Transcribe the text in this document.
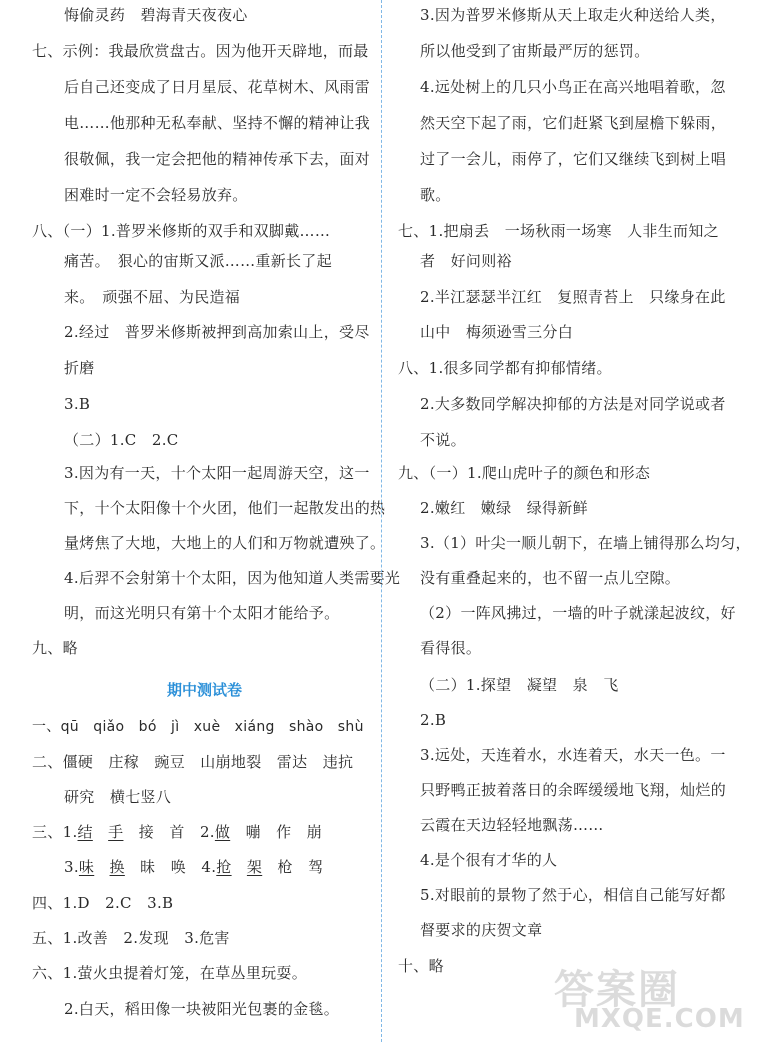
悔偷灵药　碧海青天夜夜心
七、示例：我最欣赏盘古。因为他开天辟地，而最
后自己还变成了日月星辰、花草树木、风雨雷
电……他那种无私奉献、坚持不懈的精神让我
很敬佩，我一定会把他的精神传承下去，面对
困难时一定不会轻易放弃。
八、（一）1.普罗米修斯的双手和双脚戴……
痛苦。　狠心的宙斯又派……重新长了起
来。　顽强不屈、为民造福
2.经过　普罗米修斯被押到高加索山上，受尽
折磨
3.B
（二）1.C　2.C
3.因为有一天，十个太阳一起周游天空，这一
下，十个太阳像十个火团，他们一起散发出的热
量烤焦了大地，大地上的人们和万物就遭殃了。
4.后羿不会射第十个太阳，因为他知道人类需要光
明，而这光明只有第十个太阳才能给予。
九、略
期中测试卷
一、qū　qiǎo　bó　jì　xuè　xiáng　shào　shù
二、僵硬　庄稼　豌豆　山崩地裂　雷达　违抗
研究　横七竖八
三、1.结　 手　接　首　2.做　嘣　作　崩
3.味　 换　昧　唤　4.抢　 架　枪　驾
四、1.D　2.C　3.B
五、1.改善　2.发现　3.危害
六、1.萤火虫提着灯笼，在草丛里玩耍。
2.白天，稻田像一块被阳光包裹的金毯。
3.因为普罗米修斯从天上取走火种送给人类，
所以他受到了宙斯最严厉的惩罚。
4.远处树上的几只小鸟正在高兴地唱着歌，忽
然天空下起了雨，它们赶紧飞到屋檐下躲雨，
过了一会儿，雨停了，它们又继续飞到树上唱
歌。
七、1.把扇丢　一场秋雨一场寒　人非生而知之
者　好问则裕
2.半江瑟瑟半江红　复照青苔上　只缘身在此
山中　梅须逊雪三分白
八、1.很多同学都有抑郁情绪。
2.大多数同学解决抑郁的方法是对同学说或者
不说。
九、（一）1.爬山虎叶子的颜色和形态
2.嫩红　嫩绿　绿得新鲜
3.（1）叶尖一顺儿朝下，在墙上铺得那么均匀，
没有重叠起来的，也不留一点儿空隙。
（2）一阵风拂过，一墙的叶子就漾起波纹，好
看得很。
（二）1.探望　凝望　泉　飞
2.B
3.远处，天连着水，水连着天，水天一色。一
只野鸭正披着落日的余晖缓缓地飞翔，灿烂的
云霞在天边轻轻地飘荡……
4.是个很有才华的人
5.对眼前的景物了然于心，相信自己能写好都
督要求的庆贺文章
十、略
答案圈
MXQE.COM
